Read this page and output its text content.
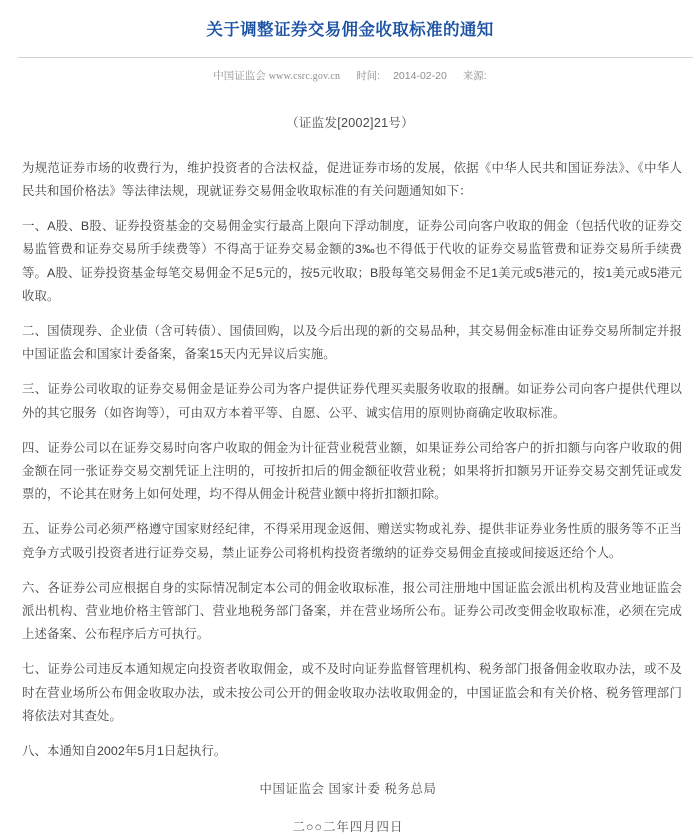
关于调整证券交易佣金收取标准的通知
中国证监会 www.csrc.gov.cn 时间: 2014-02-20 来源:
（证监发[2002]21号）

为规范证券市场的收费行为，维护投资者的合法权益，促进证券市场的发展，依据《中华人民共和国证券法》、《中华人民共和国价格法》等法律法规，现就证券交易佣金收取标准的有关问题通知如下：

一、A股、B股、证券投资基金的交易佣金实行最高上限向下浮动制度，证券公司向客户收取的佣金（包括代收的证券交易监管费和证券交易所手续费等）不得高于证券交易金额的3‰也不得低于代收的证券交易监管费和证券交易所手续费等。A股、证券投资基金每笔交易佣金不足5元的，按5元收取；B股每笔交易佣金不足1美元或5港元的，按1美元或5港元收取。

二、国债现券、企业债（含可转债）、国债回购，以及今后出现的新的交易品种，其交易佣金标准由证券交易所制定并报中国证监会和国家计委备案，备案15天内无异议后实施。

三、证券公司收取的证券交易佣金是证券公司为客户提供证券代理买卖服务收取的报酬。如证券公司向客户提供代理以外的其它服务（如咨询等），可由双方本着平等、自愿、公平、诚实信用的原则协商确定收取标准。

四、证券公司以在证券交易时向客户收取的佣金为计征营业税营业额，如果证券公司给客户的折扣额与向客户收取的佣金额在同一张证券交易交割凭证上注明的，可按折扣后的佣金额征收营业税；如果将折扣额另开证券交易交割凭证或发票的，不论其在财务上如何处理，均不得从佣金计税营业额中将折扣额扣除。

五、证券公司必须严格遵守国家财经纪律，不得采用现金返佣、赠送实物或礼券、提供非证券业务性质的服务等不正当竞争方式吸引投资者进行证券交易，禁止证券公司将机构投资者缴纳的证券交易佣金直接或间接返还给个人。

六、各证券公司应根据自身的实际情况制定本公司的佣金收取标准，报公司注册地中国证监会派出机构及营业地证监会派出机构、营业地价格主管部门、营业地税务部门备案，并在营业场所公布。证券公司改变佣金收取标准，必须在完成上述备案、公布程序后方可执行。

七、证券公司违反本通知规定向投资者收取佣金，或不及时向证券监督管理机构、税务部门报备佣金收取办法，或不及时在营业场所公布佣金收取办法，或未按公司公开的佣金收取办法收取佣金的，中国证监会和有关价格、税务管理部门将依法对其查处。

八、本通知自2002年5月1日起执行。

中国证监会 国家计委 税务总局
二○○二年四月四日
